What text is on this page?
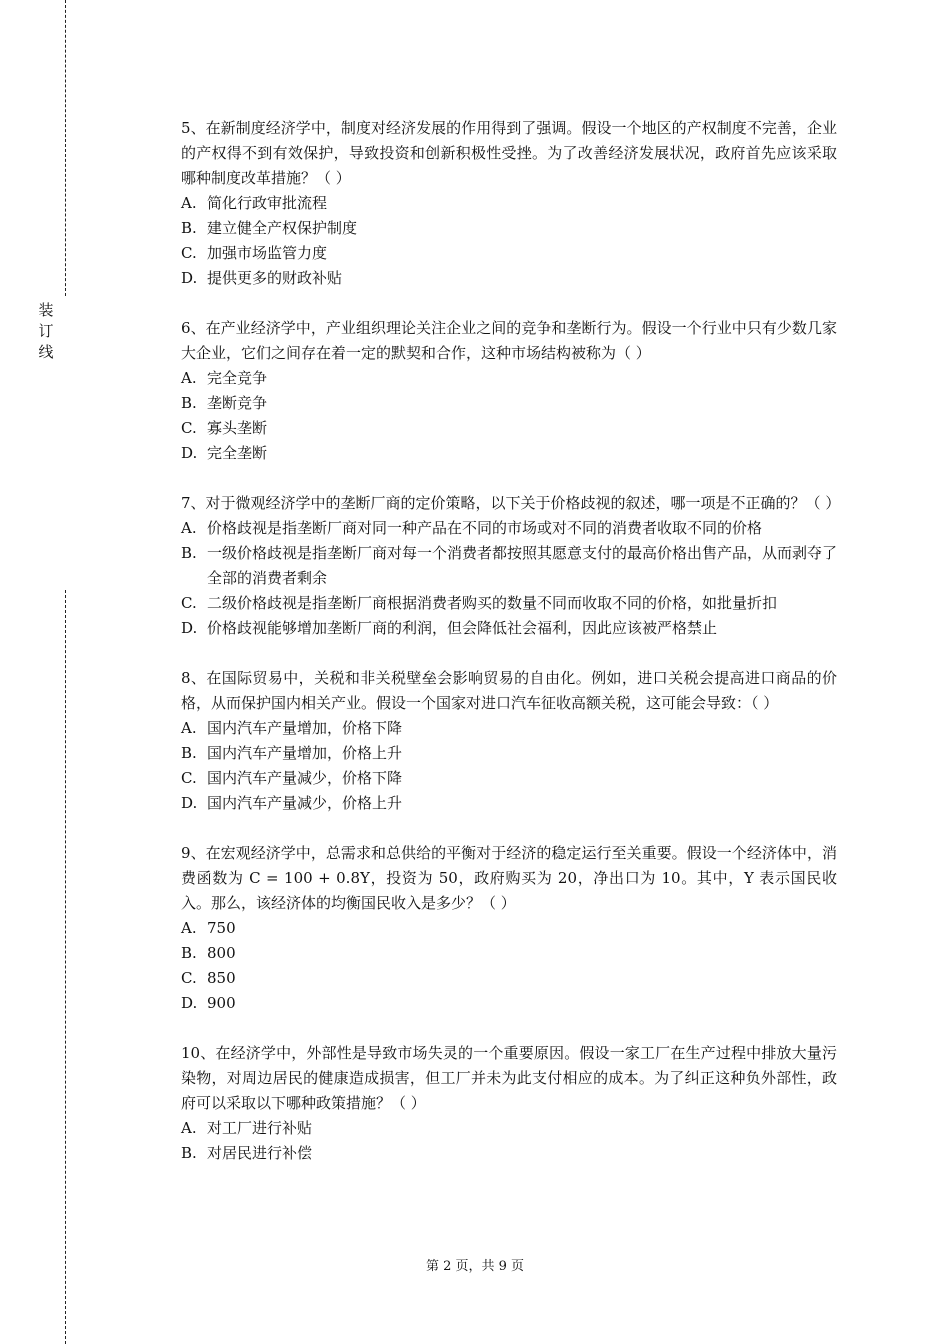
装
订
线
5、在新制度经济学中，制度对经济发展的作用得到了强调。假设一个地区的产权制度不完善，企业的产权得不到有效保护，导致投资和创新积极性受挫。为了改善经济发展状况，政府首先应该采取哪种制度改革措施？（ ）
A. 简化行政审批流程
B. 建立健全产权保护制度
C. 加强市场监管力度
D. 提供更多的财政补贴
6、在产业经济学中，产业组织理论关注企业之间的竞争和垄断行为。假设一个行业中只有少数几家大企业，它们之间存在着一定的默契和合作，这种市场结构被称为（ ）
A. 完全竞争
B. 垄断竞争
C. 寡头垄断
D. 完全垄断
7、对于微观经济学中的垄断厂商的定价策略，以下关于价格歧视的叙述，哪一项是不正确的？（ ）
A. 价格歧视是指垄断厂商对同一种产品在不同的市场或对不同的消费者收取不同的价格
B. 一级价格歧视是指垄断厂商对每一个消费者都按照其愿意支付的最高价格出售产品，从而剥夺了全部的消费者剩余
C. 二级价格歧视是指垄断厂商根据消费者购买的数量不同而收取不同的价格，如批量折扣
D. 价格歧视能够增加垄断厂商的利润，但会降低社会福利，因此应该被严格禁止
8、在国际贸易中，关税和非关税壁垒会影响贸易的自由化。例如，进口关税会提高进口商品的价格，从而保护国内相关产业。假设一个国家对进口汽车征收高额关税，这可能会导致：（ ）
A. 国内汽车产量增加，价格下降
B. 国内汽车产量增加，价格上升
C. 国内汽车产量减少，价格下降
D. 国内汽车产量减少，价格上升
9、在宏观经济学中，总需求和总供给的平衡对于经济的稳定运行至关重要。假设一个经济体中，消费函数为 C = 100 + 0.8Y，投资为 50，政府购买为 20，净出口为 10。其中，Y 表示国民收入。那么，该经济体的均衡国民收入是多少？（ ）
A. 750
B. 800
C. 850
D. 900
10、在经济学中，外部性是导致市场失灵的一个重要原因。假设一家工厂在生产过程中排放大量污染物，对周边居民的健康造成损害，但工厂并未为此支付相应的成本。为了纠正这种负外部性，政府可以采取以下哪种政策措施？（ ）
A. 对工厂进行补贴
B. 对居民进行补偿
第 2 页，共 9 页
